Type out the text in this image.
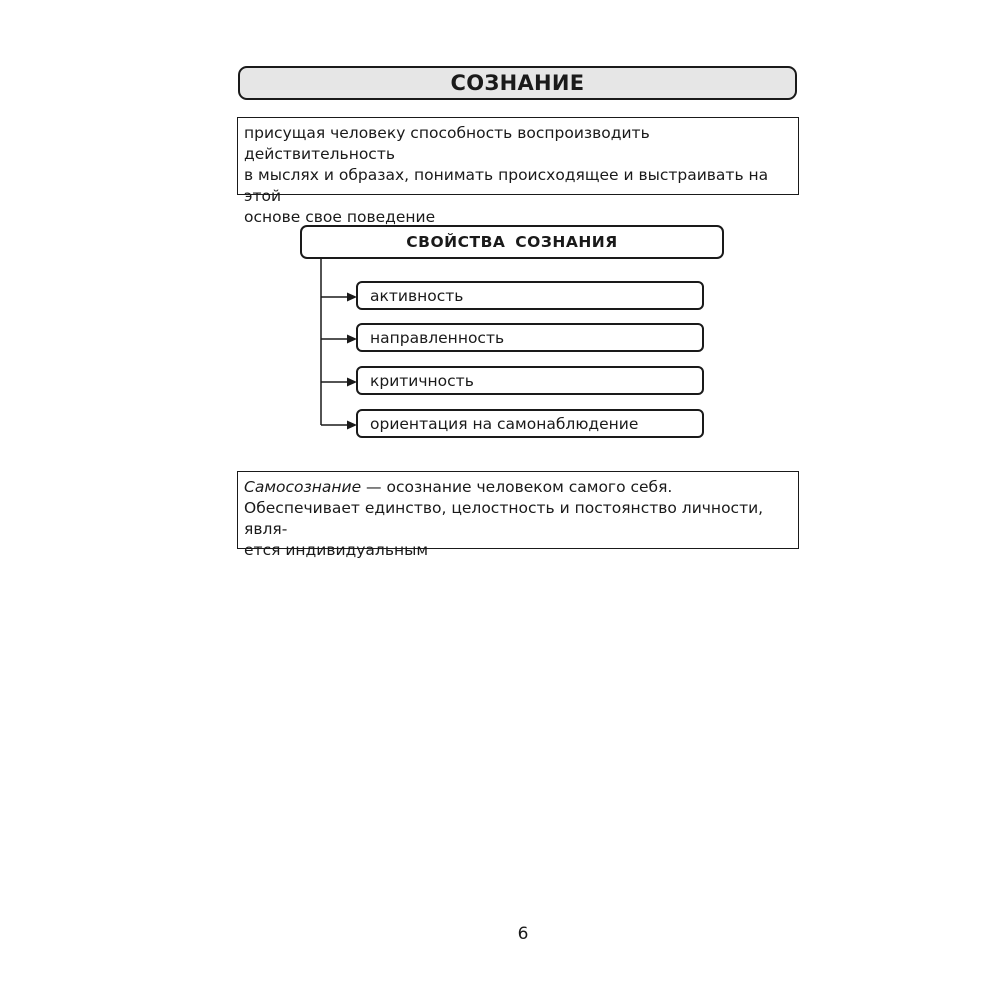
СОЗНАНИЕ
присущая человеку способность воспроизводить действительность
в мыслях и образах, понимать происходящее и выстраивать на этой
основе свое поведение
СВОЙСТВА СОЗНАНИЯ
активность
направленность
критичность
ориентация на самонаблюдение
Самосознание — осознание человеком самого себя.
Обеспечивает единство, целостность и постоянство личности, явля-
ется индивидуальным
6
